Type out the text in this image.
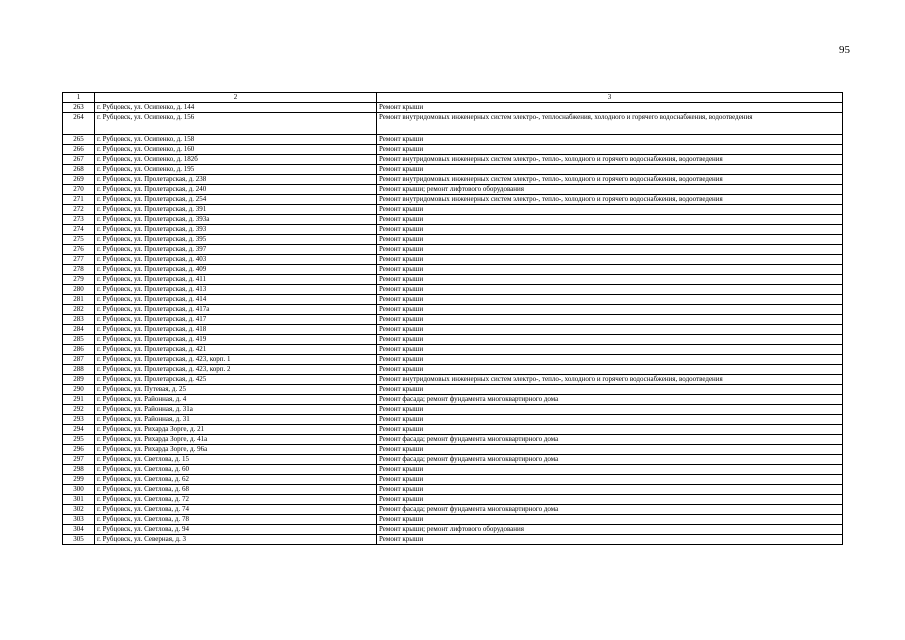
95
1	2	3
263	г. Рубцовск, ул. Осипенко, д. 144	Ремонт крыши
264	г. Рубцовск, ул. Осипенко, д. 156	Ремонт внутридомовых инженерных систем электро-, теплоснабжения, холодного и горячего водоснабжения, водоотведения
265	г. Рубцовск, ул. Осипенко, д. 158	Ремонт крыши
266	г. Рубцовск, ул. Осипенко, д. 160	Ремонт крыши
267	г. Рубцовск, ул. Осипенко, д. 182б	Ремонт внутридомовых инженерных систем электро-, тепло-, холодного и горячего водоснабжения, водоотведения
268	г. Рубцовск, ул. Осипенко, д. 195	Ремонт крыши
269	г. Рубцовск, ул. Пролетарская, д. 238	Ремонт внутридомовых инженерных систем электро-, тепло-, холодного и горячего водоснабжения, водоотведения
270	г. Рубцовск, ул. Пролетарская, д. 240	Ремонт крыши; ремонт лифтового оборудования
271	г. Рубцовск, ул. Пролетарская, д. 254	Ремонт внутридомовых инженерных систем электро-, тепло-, холодного и горячего водоснабжения, водоотведения
272	г. Рубцовск, ул. Пролетарская, д. 391	Ремонт крыши
273	г. Рубцовск, ул. Пролетарская, д. 393а	Ремонт крыши
274	г. Рубцовск, ул. Пролетарская, д. 393	Ремонт крыши
275	г. Рубцовск, ул. Пролетарская, д. 395	Ремонт крыши
276	г. Рубцовск, ул. Пролетарская, д. 397	Ремонт крыши
277	г. Рубцовск, ул. Пролетарская, д. 403	Ремонт крыши
278	г. Рубцовск, ул. Пролетарская, д. 409	Ремонт крыши
279	г. Рубцовск, ул. Пролетарская, д. 411	Ремонт крыши
280	г. Рубцовск, ул. Пролетарская, д. 413	Ремонт крыши
281	г. Рубцовск, ул. Пролетарская, д. 414	Ремонт крыши
282	г. Рубцовск, ул. Пролетарская, д. 417а	Ремонт крыши
283	г. Рубцовск, ул. Пролетарская, д. 417	Ремонт крыши
284	г. Рубцовск, ул. Пролетарская, д. 418	Ремонт крыши
285	г. Рубцовск, ул. Пролетарская, д. 419	Ремонт крыши
286	г. Рубцовск, ул. Пролетарская, д. 421	Ремонт крыши
287	г. Рубцовск, ул. Пролетарская, д. 423, корп. 1	Ремонт крыши
288	г. Рубцовск, ул. Пролетарская, д. 423, корп. 2	Ремонт крыши
289	г. Рубцовск, ул. Пролетарская, д. 425	Ремонт внутридомовых инженерных систем электро-, тепло-, холодного и горячего водоснабжения, водоотведения
290	г. Рубцовск, ул. Путевая, д. 25	Ремонт крыши
291	г. Рубцовск, ул. Районная, д. 4	Ремонт фасада; ремонт фундамента многоквартирного дома
292	г. Рубцовск, ул. Районная, д. 31а	Ремонт крыши
293	г. Рубцовск, ул. Районная, д. 31	Ремонт крыши
294	г. Рубцовск, ул. Рихарда Зорге, д. 21	Ремонт крыши
295	г. Рубцовск, ул. Рихарда Зорге, д. 41а	Ремонт фасада; ремонт фундамента многоквартирного дома
296	г. Рубцовск, ул. Рихарда Зорге, д. 96а	Ремонт крыши
297	г. Рубцовск, ул. Светлова, д. 15	Ремонт фасада; ремонт фундамента многоквартирного дома
298	г. Рубцовск, ул. Светлова, д. 60	Ремонт крыши
299	г. Рубцовск, ул. Светлова, д. 62	Ремонт крыши
300	г. Рубцовск, ул. Светлова, д. 68	Ремонт крыши
301	г. Рубцовск, ул. Светлова, д. 72	Ремонт крыши
302	г. Рубцовск, ул. Светлова, д. 74	Ремонт фасада; ремонт фундамента многоквартирного дома
303	г. Рубцовск, ул. Светлова, д. 78	Ремонт крыши
304	г. Рубцовск, ул. Светлова, д. 94	Ремонт крыши; ремонт лифтового оборудования
305	г. Рубцовск, ул. Северная, д. 3	Ремонт крыши
